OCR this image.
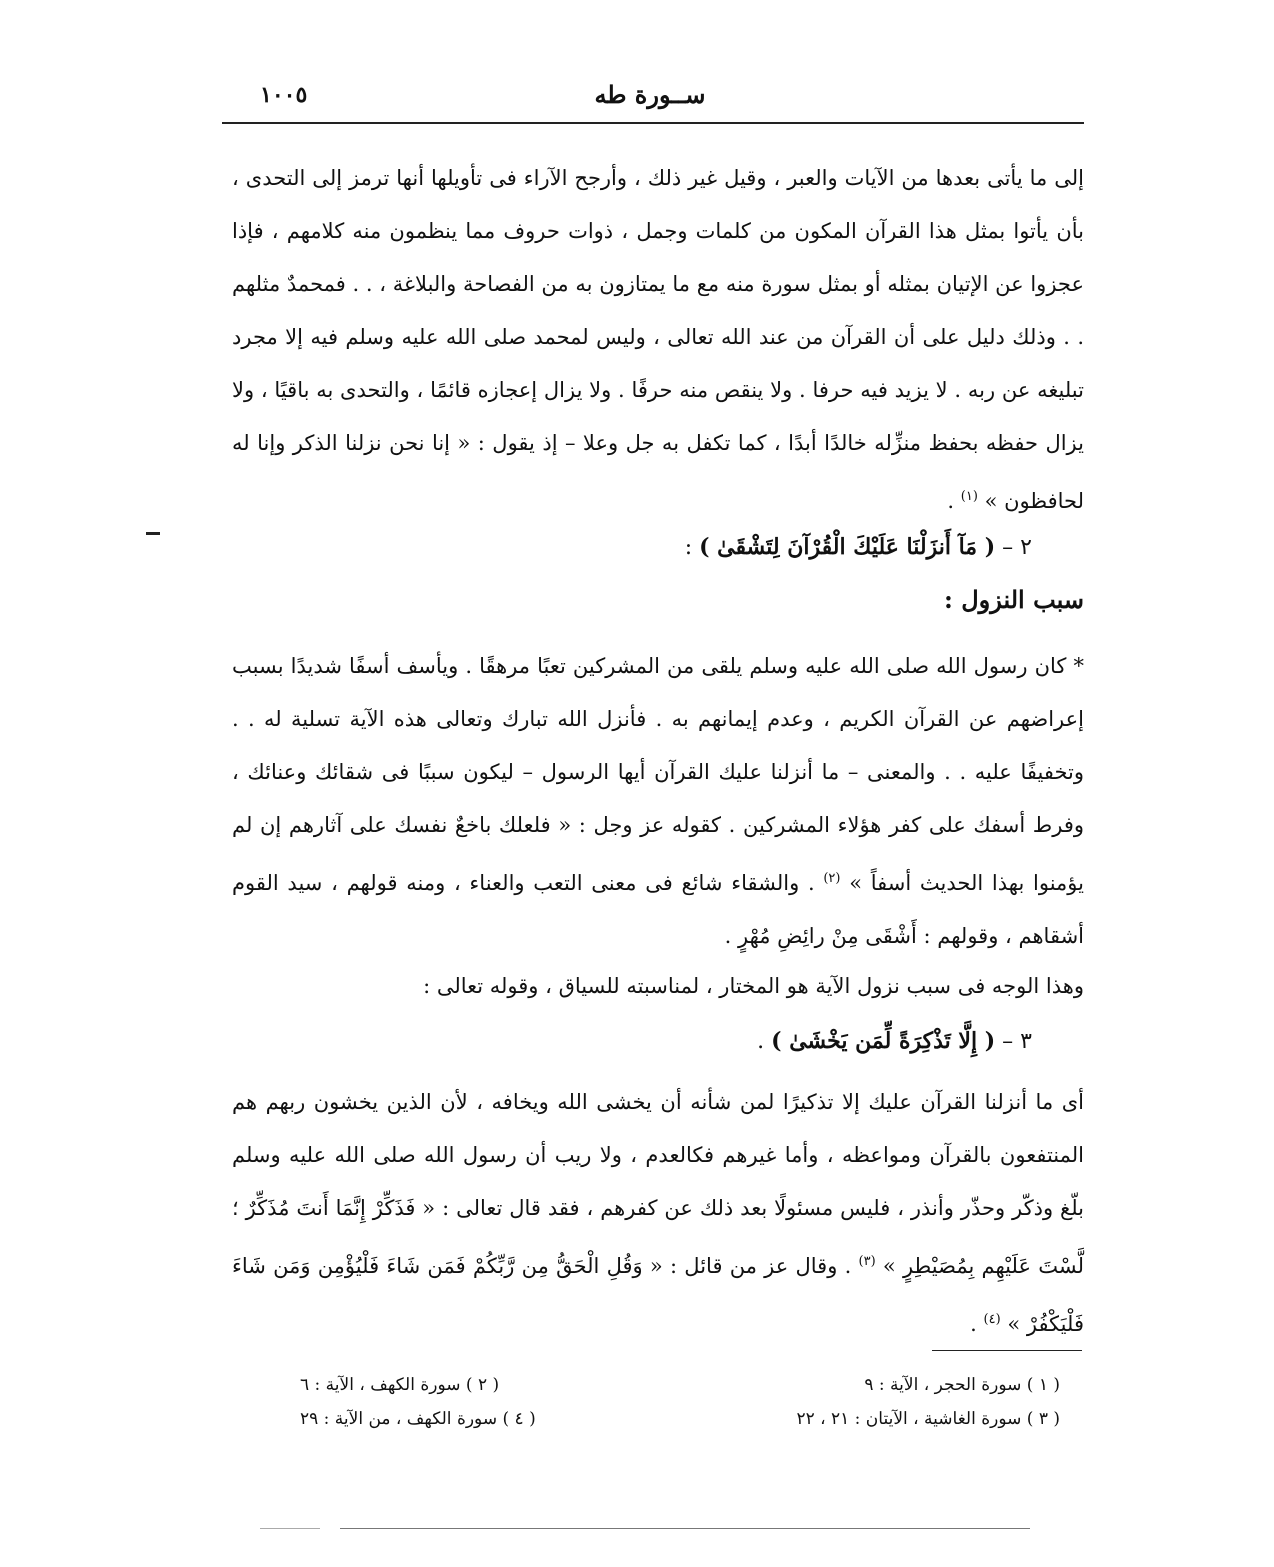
ســورة طه
١٠٠٥
إلى ما يأتى بعدها من الآيات والعبر ، وقيل غير ذلك ، وأرجح الآراء فى تأويلها أنها ترمز إلى التحدى ، بأن يأتوا بمثل هذا القرآن المكون من كلمات وجمل ، ذوات حروف مما ينظمون منه كلامهم ، فإذا عجزوا عن الإتيان بمثله أو بمثل سورة منه مع ما يمتازون به من الفصاحة والبلاغة ، . . فمحمدٌ مثلهم . . وذلك دليل على أن القرآن من عند الله تعالى ، وليس لمحمد صلى الله عليه وسلم فيه إلا مجرد تبليغه عن ربه . لا يزيد فيه حرفا . ولا ينقص منه حرفًا . ولا يزال إعجازه قائمًا ، والتحدى به باقيًا ، ولا يزال حفظه بحفظ منزِّله خالدًا أبدًا ، كما تكفل به جل وعلا – إذ يقول : « إنا نحن نزلنا الذكر وإنا له لحافظون » $^{(١)}$ .
٢ – ( مَآ أَنزَلْنَا عَلَيْكَ الْقُرْآنَ لِتَشْقَىٰ ) :
سبب النزول :
* كان رسول الله صلى الله عليه وسلم يلقى من المشركين تعبًا مرهقًا . ويأسف أسفًا شديدًا بسبب إعراضهم عن القرآن الكريم ، وعدم إيمانهم به . فأنزل الله تبارك وتعالى هذه الآية تسلية له . . وتخفيفًا عليه . . والمعنى – ما أنزلنا عليك القرآن أيها الرسول – ليكون سببًا فى شقائك وعنائك ، وفرط أسفك على كفر هؤلاء المشركين . كقوله عز وجل : « فلعلك باخعٌ نفسك على آثارهم إن لم يؤمنوا بهذا الحديث أسفاً » $^{(٢)}$ . والشقاء شائع فى معنى التعب والعناء ، ومنه قولهم ، سيد القوم أشقاهم ، وقولهم : أَشْقَى مِنْ رائِضِ مُهْرٍ .
وهذا الوجه فى سبب نزول الآية هو المختار ، لمناسبته للسياق ، وقوله تعالى :
٣ – ( إِلَّا تَذْكِرَةً لِّمَن يَخْشَىٰ ) .
أى ما أنزلنا القرآن عليك إلا تذكيرًا لمن شأنه أن يخشى الله ويخافه ، لأن الذين يخشون ربهم هم المنتفعون بالقرآن ومواعظه ، وأما غيرهم فكالعدم ، ولا ريب أن رسول الله صلى الله عليه وسلم بلّغ وذكّر وحذّر وأنذر ، فليس مسئولًا بعد ذلك عن كفرهم ، فقد قال تعالى : « فَذَكِّرْ إِنَّمَا أَنتَ مُذَكِّرٌ ؛ لَّسْتَ عَلَيْهِم بِمُصَيْطِرٍ » $^{(٣)}$ . وقال عز من قائل : « وَقُلِ الْحَقُّ مِن رَّبِّكُمْ فَمَن شَاءَ فَلْيُؤْمِن وَمَن شَاءَ فَلْيَكْفُرْ » $^{(٤)}$ .
( ١ ) سورة الحجر ، الآية : ٩
( ٢ ) سورة الكهف ، الآية : ٦
( ٣ ) سورة الغاشية ، الآيتان : ٢١ ، ٢٢
( ٤ ) سورة الكهف ، من الآية : ٢٩
